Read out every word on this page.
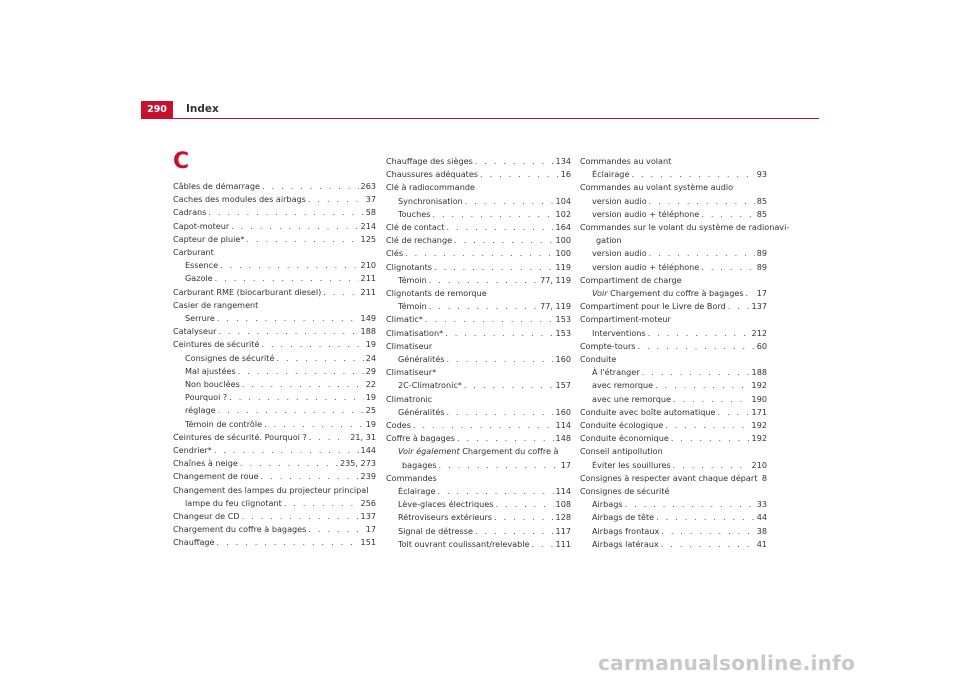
290	Index
C
Câbles de démarrage . . .	263
Caches des modules des airbags . . .	37
Cadrans . . .	58
Capot-moteur . . .	214
Capteur de pluie* . . .	125
Carburant
Essence . . .	210
Gazole . . .	211
Carburant RME (biocarburant diesel) . . .	211
Casier de rangement
Serrure . . .	149
Catalyseur . . .	188
Ceintures de sécurité . . .	19
Consignes de sécurité . . .	24
Mal ajustées . . .	29
Non bouclées . . .	22
Pourquoi ? . . .	19
réglage . . .	25
Témoin de contrôle . . .	19
Ceintures de sécurité. Pourquoi ? . . .	21, 31
Cendrier* . . .	144
Chaînes à neige . . .	235, 273
Changement de roue . . .	239
Changement des lampes du projecteur principal
lampe du feu clignotant . . .	256
Changeur de CD . . .	137
Chargement du coffre à bagages . . .	17
Chauffage . . .	151
Chauffage des sièges . . .	134
Chaussures adéquates . . .	16
Clé à radiocommande
Synchronisation . . .	104
Touches . . .	102
Clé de contact . . .	164
Clé de rechange . . .	100
Clés . . .	100
Clignotants . . .	119
Témoin . . .	77, 119
Clignotants de remorque
Témoin . . .	77, 119
Climatic* . . .	153
Climatisation* . . .	153
Climatiseur
Généralités . . .	160
Climatiseur*
2C-Climatronic* . . .	157
Climatronic
Généralités . . .	160
Codes . . .	114
Coffre à bagages . . .	148
Voir également Chargement du coffre à
bagages . . .	17
Commandes
Éclairage . . .	114
Lève-glaces électriques . . .	108
Rétroviseurs extérieurs . . .	128
Signal de détresse . . .	117
Toit ouvrant coulissant/relevable . . .	111
Commandes au volant
Éclairage . . .	93
Commandes au volant système audio
version audio . . .	85
version audio + téléphone . . .	85
Commandes sur le volant du système de radionavi-
gation
version audio . . .	89
version audio + téléphone . . .	89
Compartiment de charge
Voir Chargement du coffre à bagages . . . 17
Compartiment pour le Livre de Bord . . .	137
Compartiment-moteur
Interventions . . .	212
Compte-tours . . .	60
Conduite
À l'étranger . . .	188
avec remorque . . .	192
avec une remorque . . .	190
Conduite avec boîte automatique . . .	171
Conduite écologique . . .	192
Conduite économique . . .	192
Conseil antipollution
Éviter les souillures . . .	210
Consignes à respecter avant chaque départ . . . 8
Consignes de sécurité
Airbags . . .	33
Airbags de tête . . .	44
Airbags frontaux . . .	38
Airbags latéraux . . .	41
carmanualsonline.info
